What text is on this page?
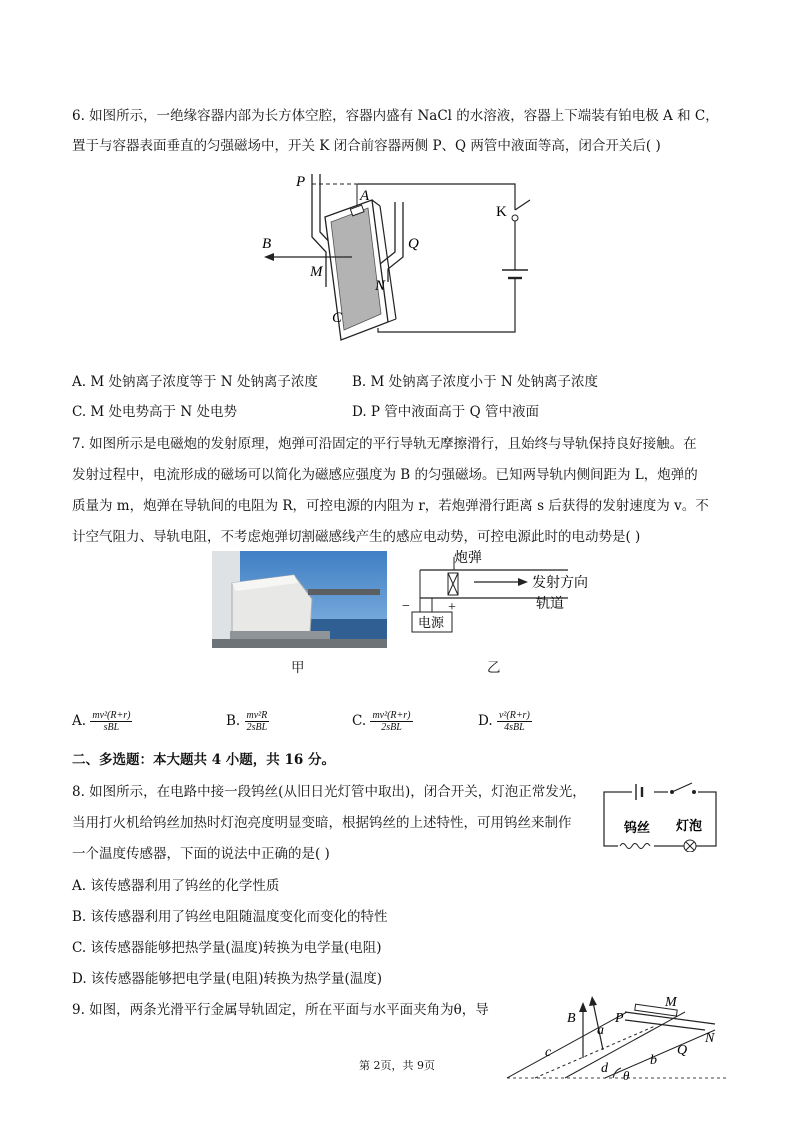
6. 如图所示，一绝缘容器内部为长方体空腔，容器内盛有 NaCl 的水溶液，容器上下端装有铂电极 A 和 C，
置于与容器表面垂直的匀强磁场中，开关 K 闭合前容器两侧 P、Q 两管中液面等高，闭合开关后( )
P
A
K
B	Q
M
N
C
A. M 处钠离子浓度等于 N 处钠离子浓度	B. M 处钠离子浓度小于 N 处钠离子浓度
C. M 处电势高于 N 处电势	D. P 管中液面高于 Q 管中液面
7. 如图所示是电磁炮的发射原理，炮弹可沿固定的平行导轨无摩擦滑行，且始终与导轨保持良好接触。在
发射过程中，电流形成的磁场可以简化为磁感应强度为 B 的匀强磁场。已知两导轨内侧间距为 L，炮弹的
质量为 m，炮弹在导轨间的电阻为 R，可控电源的内阻为 r，若炮弹滑行距离 s 后获得的发射速度为 v。不
计空气阻力、导轨电阻，不考虑炮弹切割磁感线产生的感应电动势，可控电源此时的电动势是( )
炮弹
发射方向
轨道
电源
−	+
甲	乙
A. $\frac{\text{mv²(R+r)}}{\text{sBL}}$	B. $\frac{\text{mv²R}}{\text{2sBL}}$	C. $\frac{\text{mv²(R+r)}}{\text{2sBL}}$	D. $\frac{\text{v²(R+r)}}{\text{4sBL}}$
二、多选题：本大题共 4 小题，共 16 分。
8. 如图所示，在电路中接一段钨丝(从旧日光灯管中取出)，闭合开关，灯泡正常发光，
当用打火机给钨丝加热时灯泡亮度明显变暗，根据钨丝的上述特性，可用钨丝来制作
一个温度传感器，下面的说法中正确的是( )
钨丝 灯泡
A. 该传感器利用了钨丝的化学性质
B. 该传感器利用了钨丝电阻随温度变化而变化的特性
C. 该传感器能够把热学量(温度)转换为电学量(电阻)
D. 该传感器能够把电学量(电阻)转换为热学量(温度)
9. 如图，两条光滑平行金属导轨固定，所在平面与水平面夹角为θ，导
B
M
P
a
Q
N
c
b
d θ
第 2页，共 9页
